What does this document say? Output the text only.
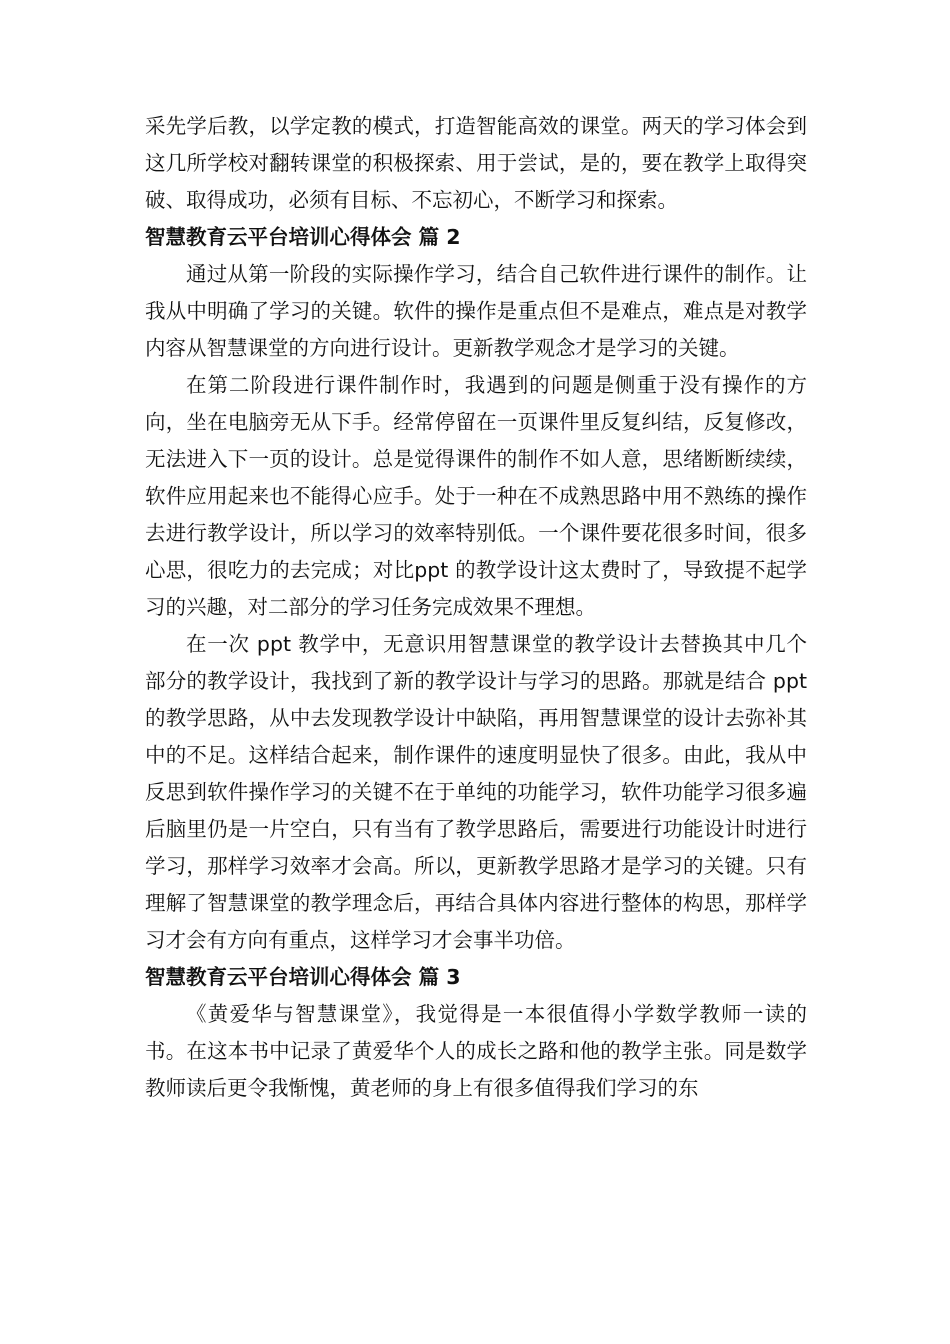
采先学后教，以学定教的模式，打造智能高效的课堂。两天的学习体会到这几所学校对翻转课堂的积极探索、用于尝试，是的，要在教学上取得突破、取得成功，必须有目标、不忘初心，不断学习和探索。

智慧教育云平台培训心得体会 篇 2

通过从第一阶段的实际操作学习，结合自己软件进行课件的制作。让我从中明确了学习的关键。软件的操作是重点但不是难点，难点是对教学内容从智慧课堂的方向进行设计。更新教学观念才是学习的关键。

在第二阶段进行课件制作时，我遇到的问题是侧重于没有操作的方向，坐在电脑旁无从下手。经常停留在一页课件里反复纠结，反复修改，无法进入下一页的设计。总是觉得课件的制作不如人意，思绪断断续续，软件应用起来也不能得心应手。处于一种在不成熟思路中用不熟练的操作去进行教学设计，所以学习的效率特别低。一个课件要花很多时间，很多心思，很吃力的去完成；对比ppt 的教学设计这太费时了，导致提不起学习的兴趣，对二部分的学习任务完成效果不理想。

在一次 ppt 教学中，无意识用智慧课堂的教学设计去替换其中几个部分的教学设计，我找到了新的教学设计与学习的思路。那就是结合 ppt 的教学思路，从中去发现教学设计中缺陷，再用智慧课堂的设计去弥补其中的不足。这样结合起来，制作课件的速度明显快了很多。由此，我从中反思到软件操作学习的关键不在于单纯的功能学习，软件功能学习很多遍后脑里仍是一片空白，只有当有了教学思路后，需要进行功能设计时进行学习，那样学习效率才会高。所以，更新教学思路才是学习的关键。只有理解了智慧课堂的教学理念后，再结合具体内容进行整体的构思，那样学习才会有方向有重点，这样学习才会事半功倍。

智慧教育云平台培训心得体会 篇 3

《黄爱华与智慧课堂》，我觉得是一本很值得小学数学教师一读的书。在这本书中记录了黄爱华个人的成长之路和他的教学主张。同是数学教师读后更令我惭愧，黄老师的身上有很多值得我们学习的东
